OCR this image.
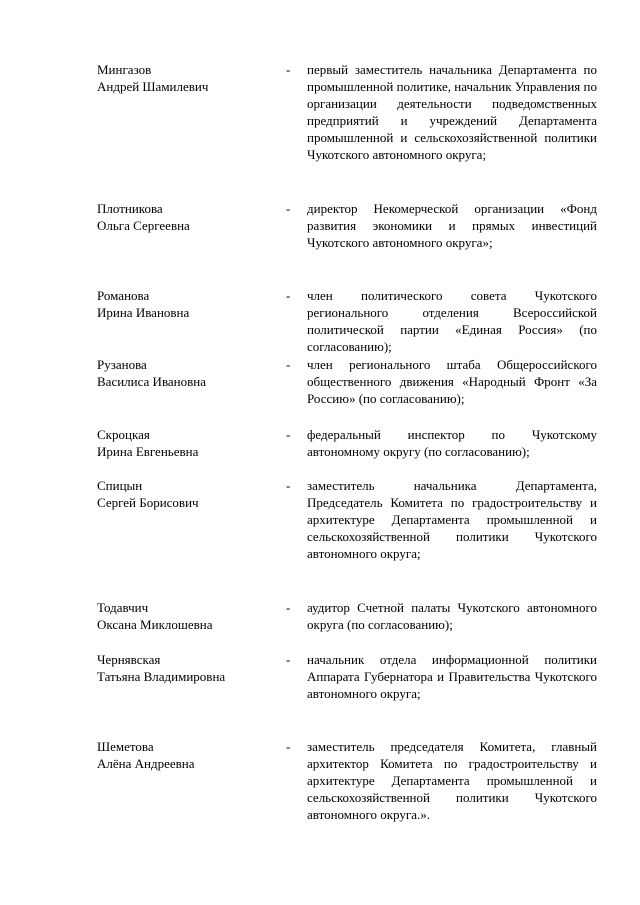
Мингазов
Андрей Шамилевич
-	первый заместитель начальника Департамента по промышленной политике, начальник Управления по организации деятельности подведомственных предприятий и учреждений Департамента промышленной и сельскохозяйственной политики Чукотского автономного округа;
Плотникова
Ольга Сергеевна
-	директор Некомерческой организации «Фонд развития экономики и прямых инвестиций Чукотского автономного округа»;
Романова
Ирина Ивановна
-	член политического совета Чукотского регионального отделения Всероссийской политической партии «Единая Россия» (по согласованию);
Рузанова
Василиса Ивановна
-	член регионального штаба Общероссийского общественного движения «Народный Фронт «За Россию» (по согласованию);
Скроцкая
Ирина Евгеньевна
-	федеральный инспектор по Чукотскому автономному округу (по согласованию);
Спицын
Сергей Борисович
-	заместитель начальника Департамента, Председатель Комитета по градостроительству и архитектуре Департамента промышленной и сельскохозяйственной политики Чукотского автономного округа;
Тодавчич
Оксана Миклошевна
-	аудитор Счетной палаты Чукотского автономного округа (по согласованию);
Чернявская
Татьяна Владимировна
-	начальник отдела информационной политики Аппарата Губернатора и Правительства Чукотского автономного округа;
Шеметова
Алёна Андреевна
-	заместитель председателя Комитета, главный архитектор Комитета по градостроительству и архитектуре Департамента промышленной и сельскохозяйственной политики Чукотского автономного округа.».
